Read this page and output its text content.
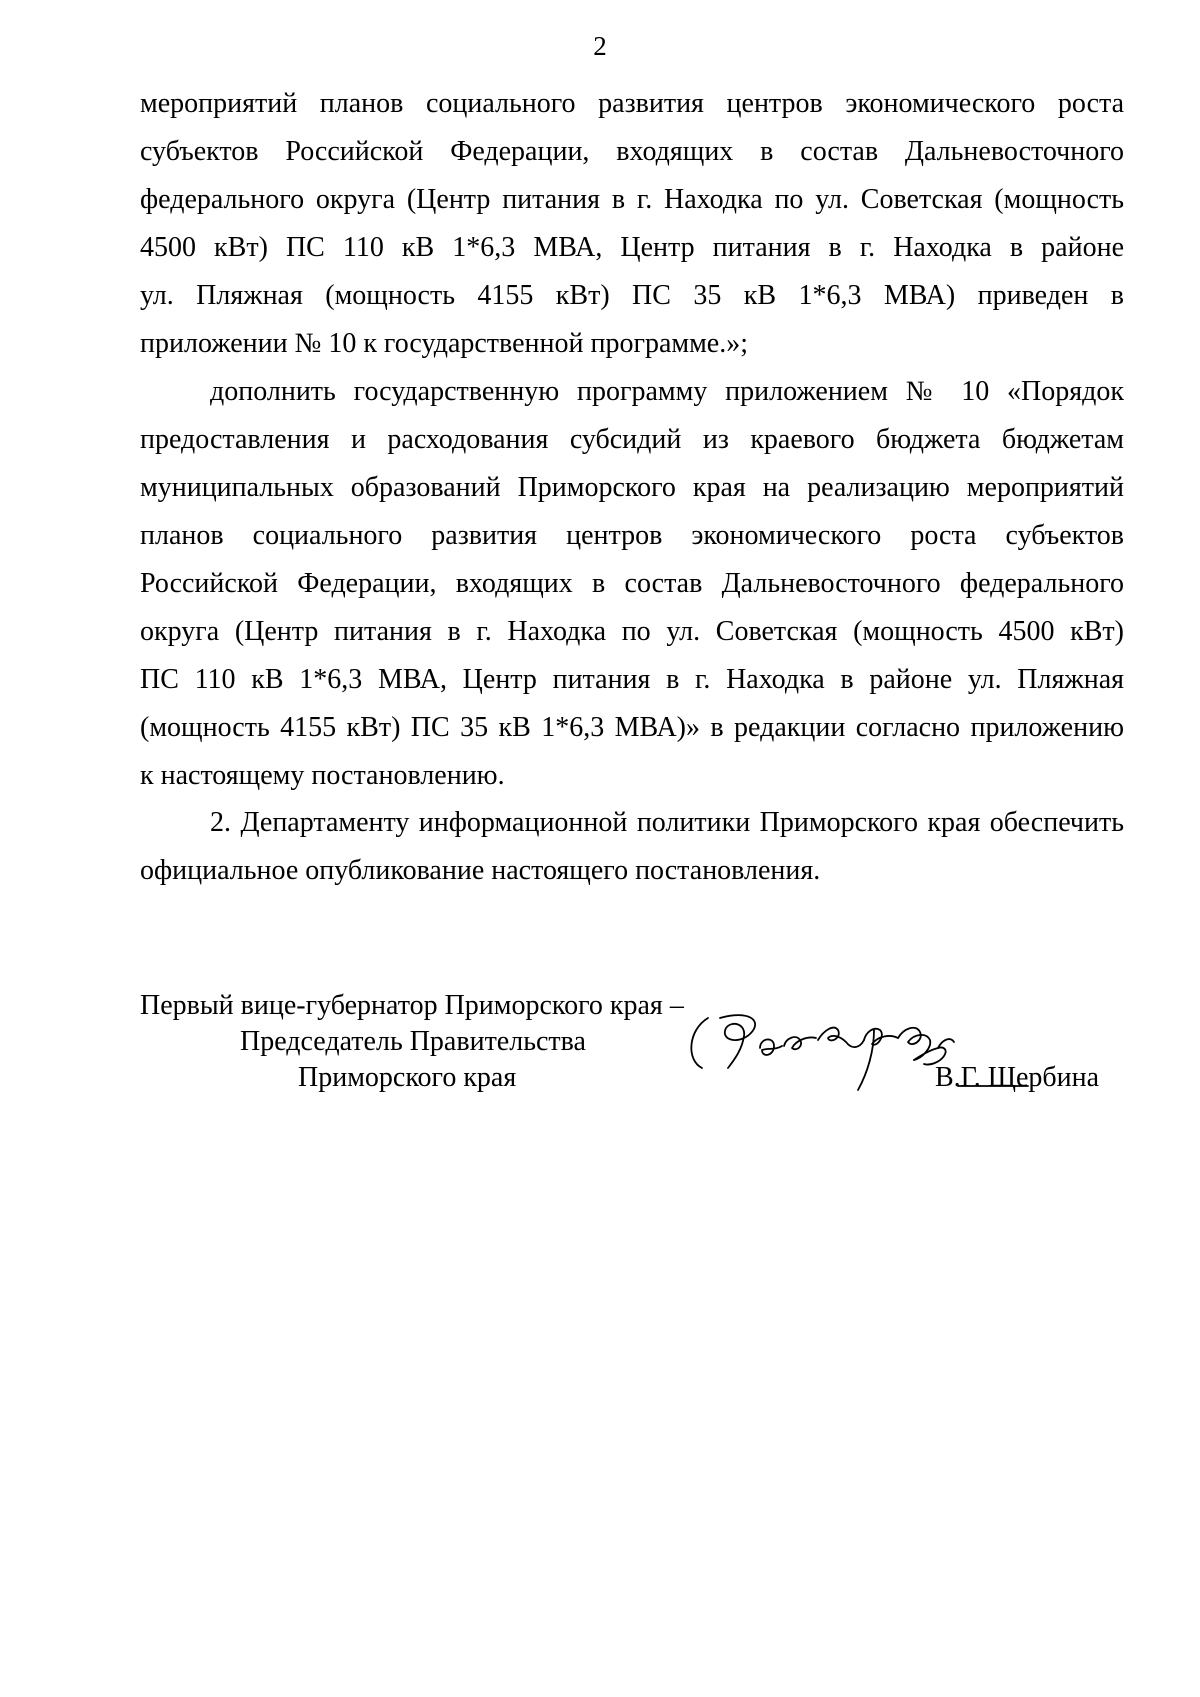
2
мероприятий планов социального развития центров экономического роста
субъектов Российской Федерации, входящих в состав Дальневосточного
федерального округа (Центр питания в г. Находка по ул. Советская (мощность
4500 кВт) ПС 110 кВ 1*6,3 МВА, Центр питания в г. Находка в районе
ул. Пляжная (мощность 4155 кВт) ПС 35 кВ 1*6,3 МВА) приведен в
приложении № 10 к государственной программе.»;
дополнить государственную программу приложением № 10 «Порядок
предоставления и расходования субсидий из краевого бюджета бюджетам
муниципальных образований Приморского края на реализацию мероприятий
планов социального развития центров экономического роста субъектов
Российской Федерации, входящих в состав Дальневосточного федерального
округа (Центр питания в г. Находка по ул. Советская (мощность 4500 кВт)
ПС 110 кВ 1*6,3 МВА, Центр питания в г. Находка в районе ул. Пляжная
(мощность 4155 кВт) ПС 35 кВ 1*6,3 МВА)» в редакции согласно приложению
к настоящему постановлению.
2. Департаменту информационной политики Приморского края обеспечить
официальное опубликование настоящего постановления.
Первый вице-губернатор Приморского края –
Председатель Правительства
Приморского края	В.Г. Щербина
